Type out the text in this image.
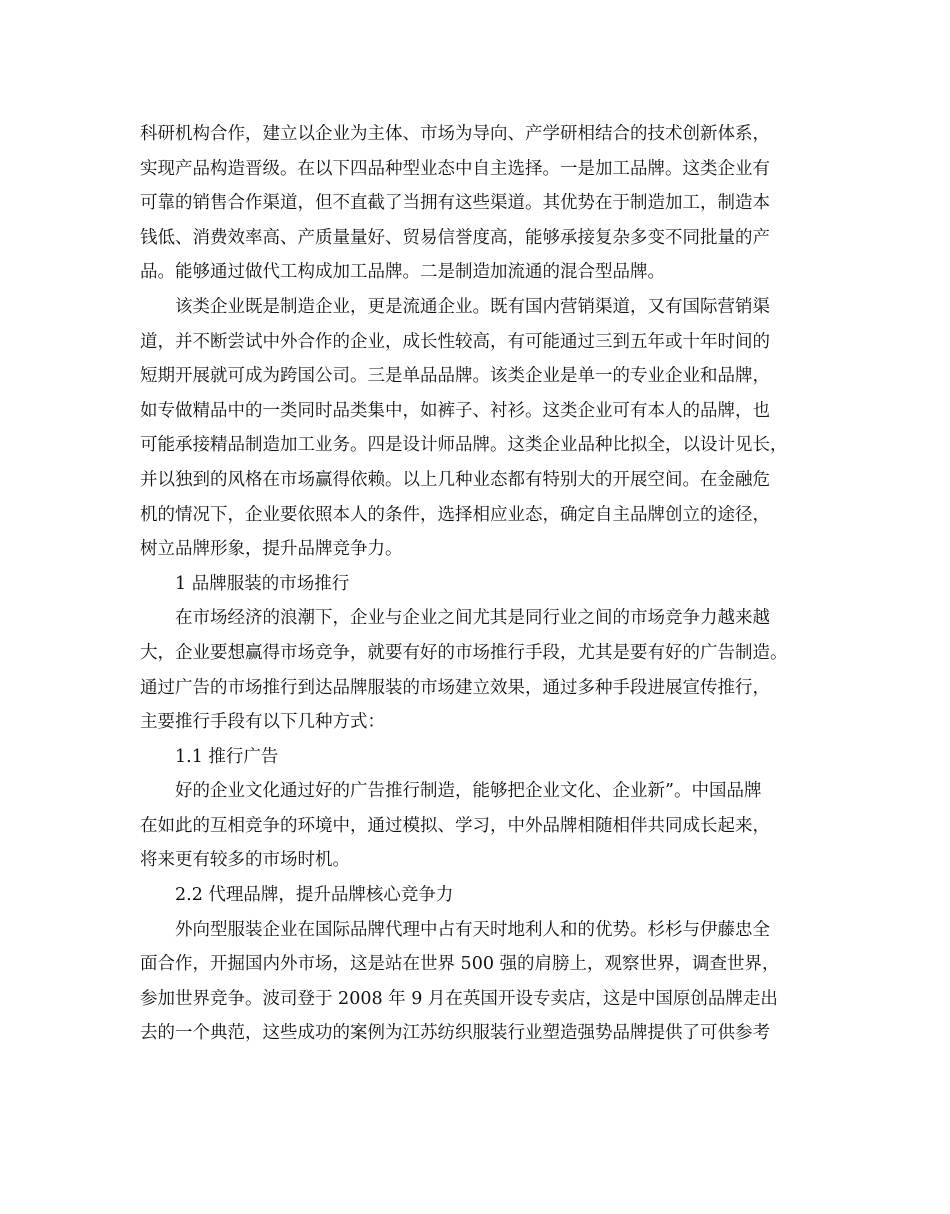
科研机构合作，建立以企业为主体、市场为导向、产学研相结合的技术创新体系，
实现产品构造晋级。在以下四品种型业态中自主选择。一是加工品牌。这类企业有
可靠的销售合作渠道，但不直截了当拥有这些渠道。其优势在于制造加工，制造本
钱低、消费效率高、产质量量好、贸易信誉度高，能够承接复杂多变不同批量的产
品。能够通过做代工构成加工品牌。二是制造加流通的混合型品牌。
该类企业既是制造企业，更是流通企业。既有国内营销渠道，又有国际营销渠
道，并不断尝试中外合作的企业，成长性较高，有可能通过三到五年或十年时间的
短期开展就可成为跨国公司。三是单品品牌。该类企业是单一的专业企业和品牌，
如专做精品中的一类同时品类集中，如裤子、衬衫。这类企业可有本人的品牌，也
可能承接精品制造加工业务。四是设计师品牌。这类企业品种比拟全，以设计见长，
并以独到的风格在市场赢得依赖。以上几种业态都有特别大的开展空间。在金融危
机的情况下，企业要依照本人的条件，选择相应业态，确定自主品牌创立的途径，
树立品牌形象，提升品牌竞争力。
1 品牌服装的市场推行
在市场经济的浪潮下，企业与企业之间尤其是同行业之间的市场竞争力越来越
大，企业要想赢得市场竞争，就要有好的市场推行手段，尤其是要有好的广告制造。
通过广告的市场推行到达品牌服装的市场建立效果，通过多种手段进展宣传推行，
主要推行手段有以下几种方式：
1.1 推行广告
好的企业文化通过好的广告推行制造，能够把企业文化、企业新”。中国品牌
在如此的互相竞争的环境中，通过模拟、学习，中外品牌相随相伴共同成长起来，
将来更有较多的市场时机。
2.2 代理品牌，提升品牌核心竞争力
外向型服装企业在国际品牌代理中占有天时地利人和的优势。杉杉与伊藤忠全
面合作，开掘国内外市场，这是站在世界 500 强的肩膀上，观察世界，调查世界，
参加世界竞争。波司登于 2008 年 9 月在英国开设专卖店，这是中国原创品牌走出
去的一个典范，这些成功的案例为江苏纺织服装行业塑造强势品牌提供了可供参考
